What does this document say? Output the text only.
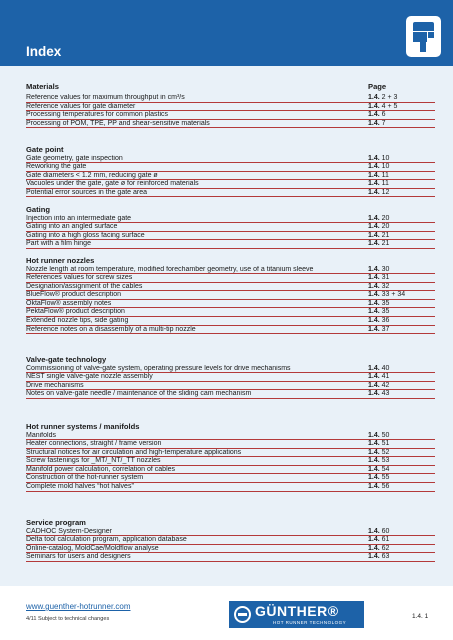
Index
Materials	Page
Reference values for maximum throughput in cm³/s	1.4. 2 + 3
Reference values for gate diameter	1.4. 4 + 5
Processing temperatures for common plastics	1.4. 6
Processing of POM, TPE, PP and shear-sensitive materials	1.4. 7
Gate point
Gate geometry, gate inspection	1.4. 10
Reworking the gate	1.4. 10
Gate diameters < 1.2 mm, reducing gate ø	1.4. 11
Vacuoles under the gate, gate ø for reinforced materials	1.4. 11
Potential error sources in the gate area	1.4. 12
Gating
Injection into an intermediate gate	1.4. 20
Gating into an angled surface	1.4. 20
Gating into a high gloss facing surface	1.4. 21
Part with a film hinge	1.4. 21
Hot runner nozzles
Nozzle length at room temperature, modified forechamber geometry, use of a titanium sleeve	1.4. 30
References values for screw sizes	1.4. 31
Designation/assignment of the cables	1.4. 32
BlueFlow® product description	1.4. 33 + 34
OktaFlow® assembly notes	1.4. 35
PektaFlow® product description	1.4. 35
Extended nozzle tips, side gating	1.4. 36
Reference notes on a disassembly of a multi-tip nozzle	1.4. 37
Valve-gate technology
Commissioning of valve-gate system, operating pressure levels for drive mechanisms	1.4. 40
NEST single valve-gate nozzle assembly	1.4. 41
Drive mechanisms	1.4. 42
Notes on valve-gate needle / maintenance of the sliding cam mechanism	1.4. 43
Hot runner systems / manifolds
Manifolds	1.4. 50
Heater connections, straight / frame version	1.4. 51
Structural notices for air circulation and high-temperature applications	1.4. 52
Screw fastenings for _MT/_NT/_TT nozzles	1.4. 53
Manifold power calculation, correlation of cables	1.4. 54
Construction of the hot-runner system	1.4. 55
Complete mold halves “hot halves”	1.4. 56
Service program
CADHOC System-Designer	1.4. 60
Delta tool calculation program, application database	1.4. 61
Online-catalog, MoldCae/Moldflow analyse	1.4. 62
Seminars for users and designers	1.4. 63
www.guenther-hotrunner.com
4/11 Subject to technical changes	GÜNTHER®
HOT RUNNER TECHNOLOGY
1.4. 1
